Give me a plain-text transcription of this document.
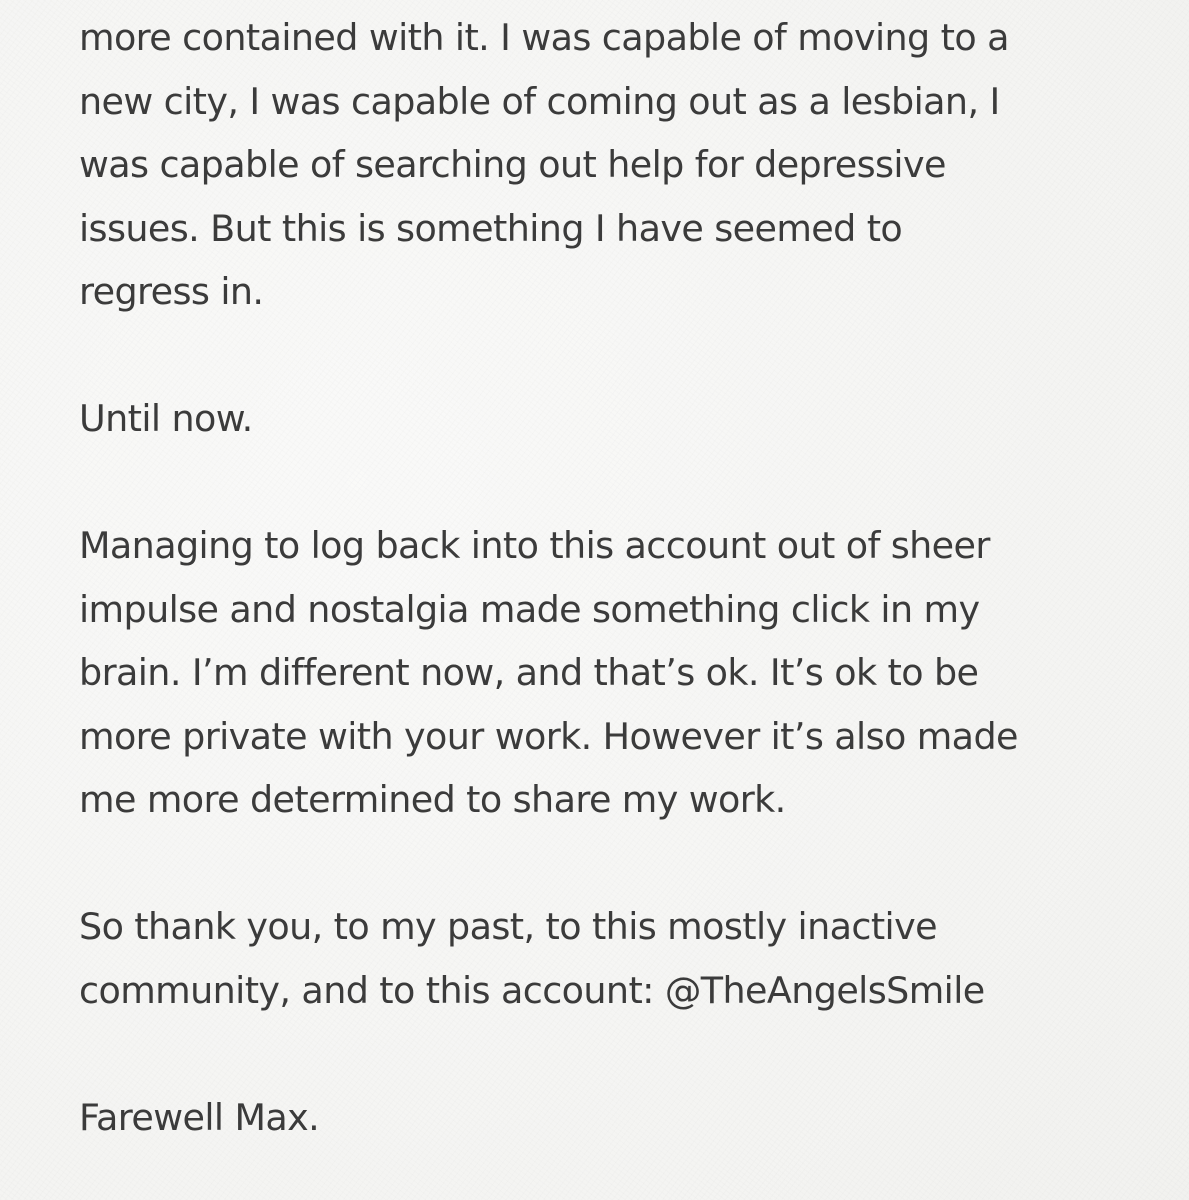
more contained with it. I was capable of moving to a
new city, I was capable of coming out as a lesbian, I
was capable of searching out help for depressive
issues. But this is something I have seemed to
regress in.
Until now.
Managing to log back into this account out of sheer
impulse and nostalgia made something click in my
brain. I’m different now, and that’s ok. It’s ok to be
more private with your work. However it’s also made
me more determined to share my work.
So thank you, to my past, to this mostly inactive
community, and to this account: @TheAngelsSmile
Farewell Max.
